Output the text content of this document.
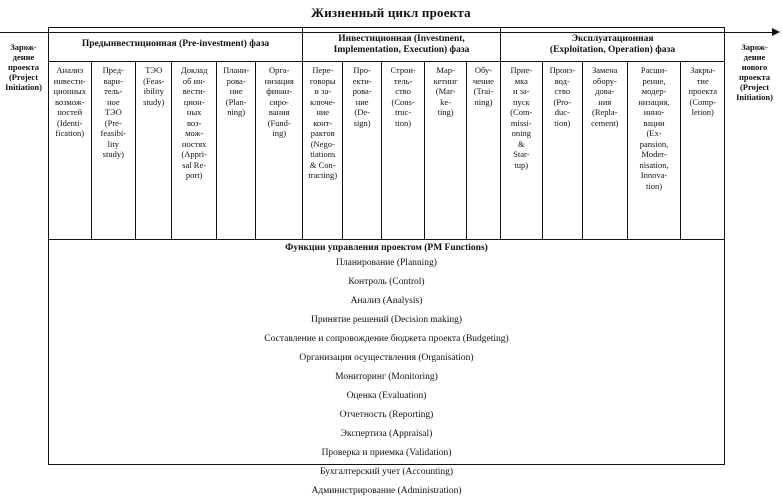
Жизненный цикл проекта
Зарож-
дение
проекта
(Project
Initiation)
Зарож-
дение
нового
проекта
(Project
Initiation)
Предынвестиционная (Pre-investment) фаза
Инвестиционная (Investment,
Implementation, Execution) фаза
Эксплуатационная
(Exploitation, Operation) фаза
Анализ
инвести-
ционных
возмож-
ностей
(Identi-
fication)
Пред-
вари-
тель-
ное
ТЭО
(Pre-
feasibi-
lity
study)
ТЭО
(Feas-
ibility
study)
Доклад
об ин-
вести-
цион-
ных
воз-
мож-
ностях
(Appri-
sal Re-
port)
Плани-
рова-
ние
(Plan-
ning)
Орга-
низация
финан-
сиро-
вания
(Fund-
ing)
Пере-
говоры
и за-
ключе-
ние
конт-
рактов
(Nego-
tiations
& Con-
tracting)
Про-
екти-
рова-
ние
(De-
sign)
Строи-
тель-
ство
(Cons-
truc-
tion)
Мар-
кетинг
(Mar-
ke-
ting)
Обу-
чение
(Trai-
ning)
Прие-
мка
и за-
пуск
(Com-
missi-
oning
&
Star-
tup)
Произ-
вод-
ство
(Pro-
duc-
tion)
Замена
обору-
дова-
ния
(Repla-
cement)
Расши-
рение,
модер-
низация,
инно-
вации
(Ex-
pansion,
Moder-
nisation,
Innova-
tion)
Закры-
тие
проекта
(Comp-
letion)
Функции управления проектом (PM Functions)
Планирование (Planning)
Контроль (Control)
Анализ (Analysis)
Принятие решений (Decision making)
Составление и сопровождение бюджета проекта (Budgeting)
Организация осуществления (Organisation)
Мониторинг (Monitoring)
Оценка (Evaluation)
Отчетность (Reporting)
Экспертиза (Appraisal)
Проверка и приемка (Validation)
Бухгалтерский учет (Accounting)
Администрирование (Administration)
